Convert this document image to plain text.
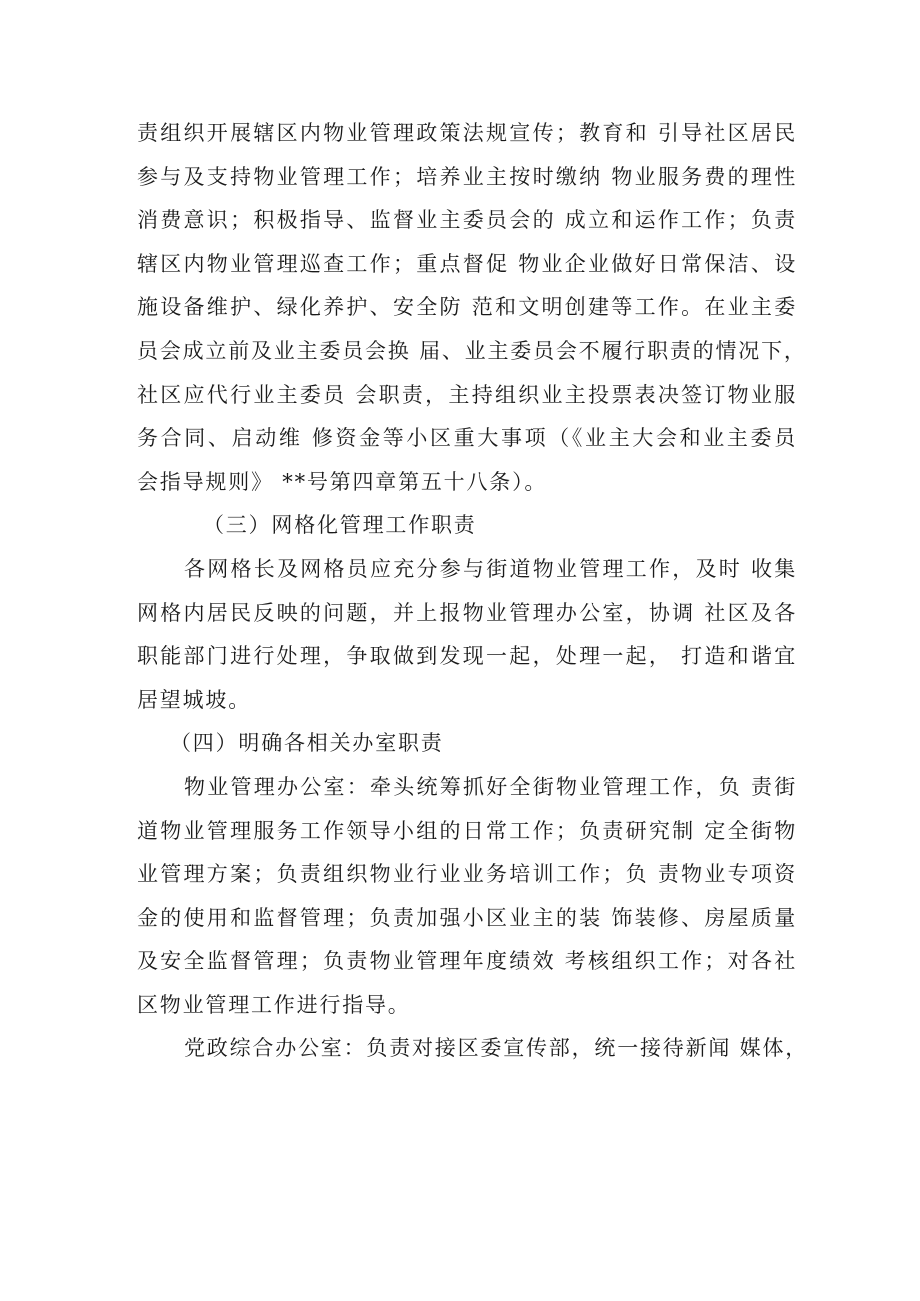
责组织开展辖区内物业管理政策法规宣传；教育和 引导社区居民
参与及支持物业管理工作；培养业主按时缴纳 物业服务费的理性
消费意识；积极指导、监督业主委员会的 成立和运作工作；负责
辖区内物业管理巡查工作；重点督促 物业企业做好日常保洁、设
施设备维护、绿化养护、安全防 范和文明创建等工作。在业主委
员会成立前及业主委员会换 届、业主委员会不履行职责的情况下，
社区应代行业主委员 会职责，主持组织业主投票表决签订物业服
务合同、启动维 修资金等小区重大事项（《业主大会和业主委员
会指导规则》 **号第四章第五十八条）。

（三）网格化管理工作职责

各网格长及网格员应充分参与街道物业管理工作，及时 收集
网格内居民反映的问题，并上报物业管理办公室，协调 社区及各
职能部门进行处理，争取做到发现一起，处理一起， 打造和谐宜
居望城坡。

（四）明确各相关办室职责

物业管理办公室：牵头统筹抓好全街物业管理工作，负 责街
道物业管理服务工作领导小组的日常工作；负责研究制 定全街物
业管理方案；负责组织物业行业业务培训工作；负 责物业专项资
金的使用和监督管理；负责加强小区业主的装 饰装修、房屋质量
及安全监督管理；负责物业管理年度绩效 考核组织工作；对各社
区物业管理工作进行指导。

党政综合办公室：负责对接区委宣传部，统一接待新闻 媒体，
